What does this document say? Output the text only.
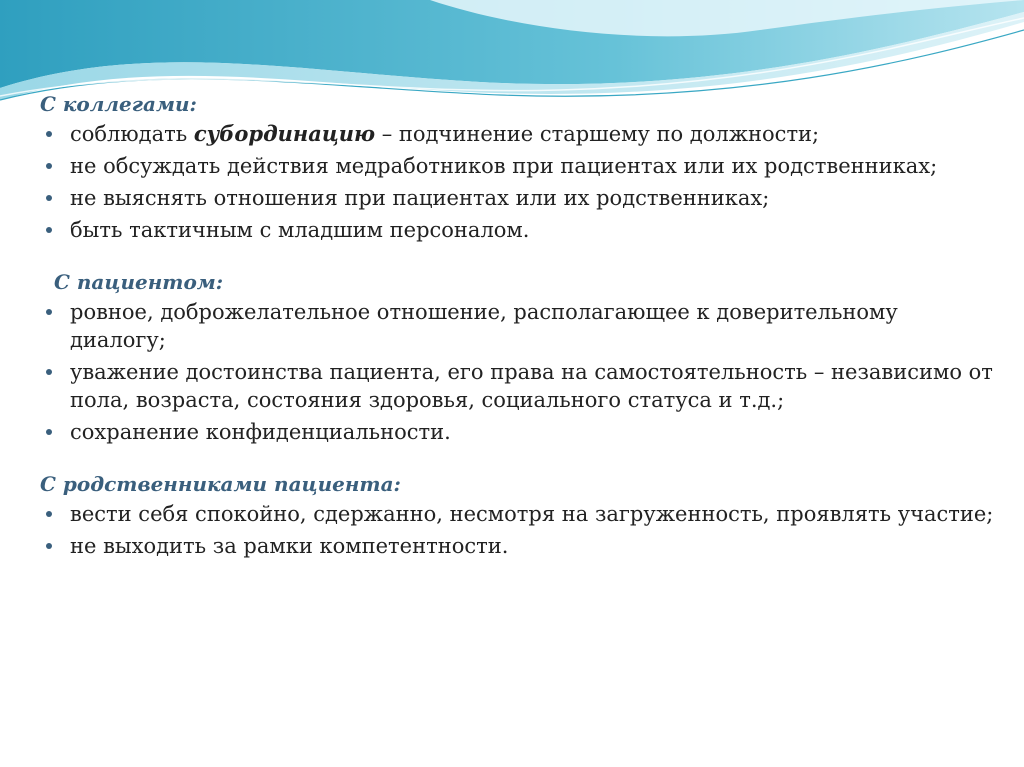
С коллегами:

соблюдать субординацию – подчинение старшему по должности;
не обсуждать действия медработников при пациентах или их родственниках;
не выяснять отношения при пациентах или их родственниках;
быть тактичным с младшим персоналом.

С пациентом:

ровное, доброжелательное отношение, располагающее к доверительному диалогу;
уважение достоинства пациента, его права на самостоятельность – независимо от пола, возраста, состояния здоровья, социального статуса и т.д.;
сохранение конфиденциальности.

С родственниками пациента:

вести себя спокойно, сдержанно, несмотря на загруженность, проявлять участие;
не выходить за рамки компетентности.
